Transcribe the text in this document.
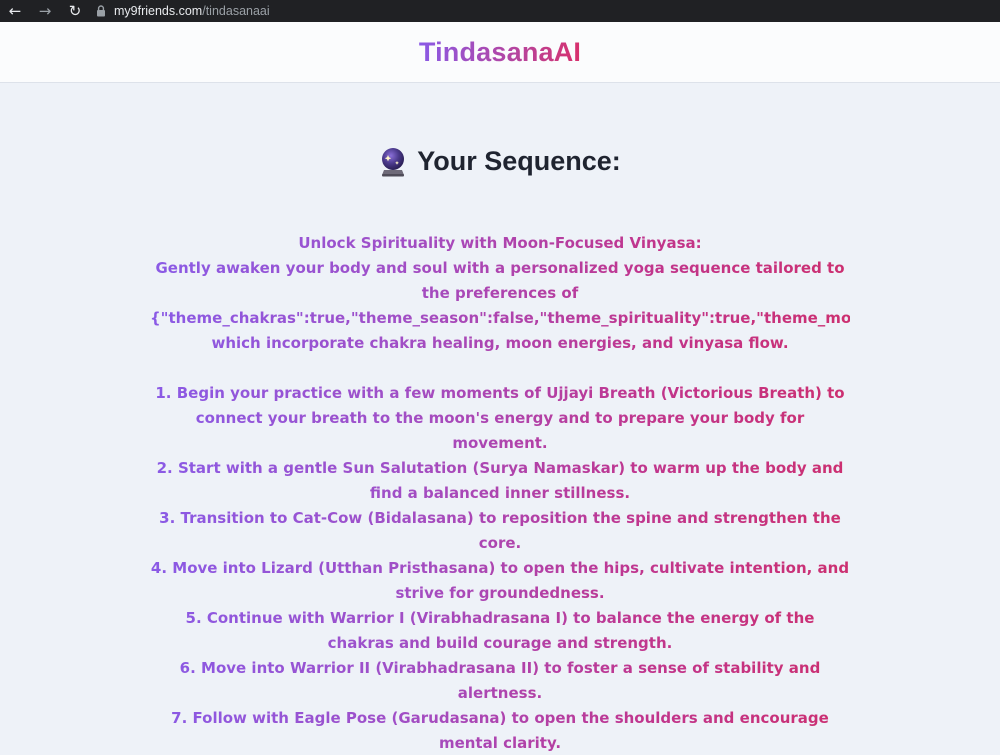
←	→	↻	my9friends.com /tindasanaai
TindasanaAI
Your Sequence:
Unlock Spirituality with Moon-Focused Vinyasa:
Gently awaken your body and soul with a personalized yoga sequence tailored to the preferences of
{"theme_chakras":true,"theme_season":false,"theme_spirituality":true,"theme_moon":
which incorporate chakra healing, moon energies, and vinyasa flow.
1. Begin your practice with a few moments of Ujjayi Breath (Victorious Breath) to connect your breath to the moon's energy and to prepare your body for movement.
2. Start with a gentle Sun Salutation (Surya Namaskar) to warm up the body and find a balanced inner stillness.
3. Transition to Cat-Cow (Bidalasana) to reposition the spine and strengthen the core.
4. Move into Lizard (Utthan Pristhasana) to open the hips, cultivate intention, and strive for groundedness.
5. Continue with Warrior I (Virabhadrasana I) to balance the energy of the chakras and build courage and strength.
6. Move into Warrior II (Virabhadrasana II) to foster a sense of stability and alertness.
7. Follow with Eagle Pose (Garudasana) to open the shoulders and encourage mental clarity.
